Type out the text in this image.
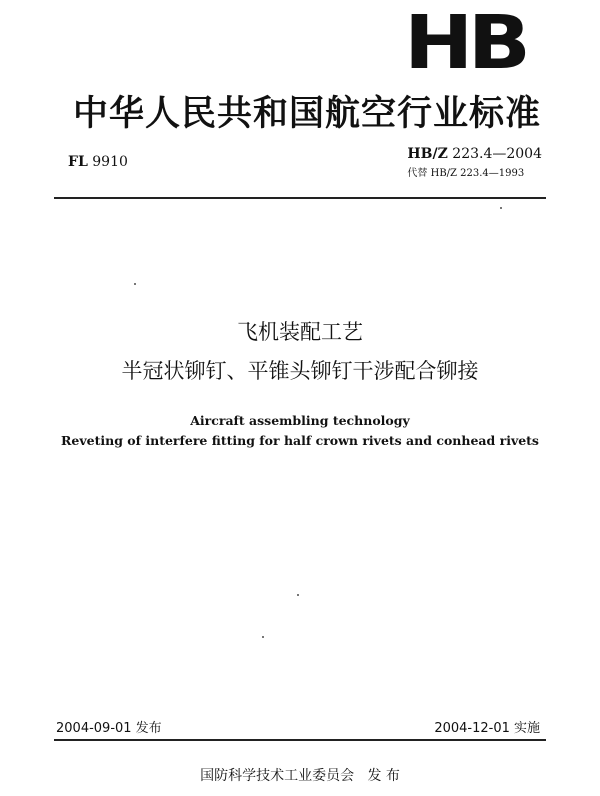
HB
中华人民共和国航空行业标准
FL 9910	HB/Z 223.4—2004
代替 HB/Z 223.4—1993
飞机装配工艺
半冠状铆钉、平锥头铆钉干涉配合铆接
Aircraft assembling technology
Reveting of interfere fitting for half crown rivets and conhead rivets
2004-09-01 发布	2004-12-01 实施
国防科学技术工业委员会   发 布
